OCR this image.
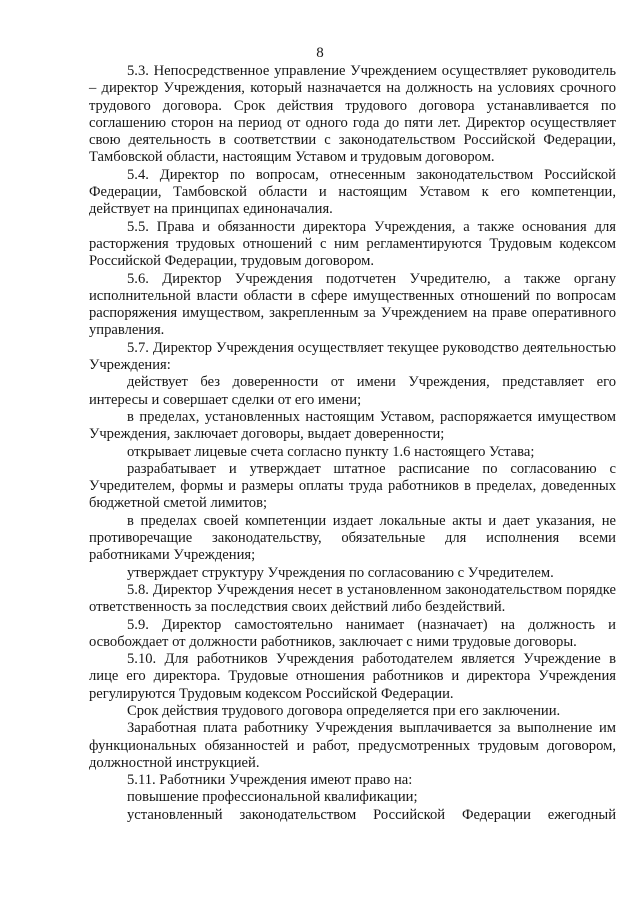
8

5.3. Непосредственное управление Учреждением осуществляет руководитель – директор Учреждения, который назначается на должность на условиях срочного трудового договора. Срок действия трудового договора устанавливается по соглашению сторон на период от одного года до пяти лет. Директор осуществляет свою деятельность в соответствии с законодательством Российской Федерации, Тамбовской области, настоящим Уставом и трудовым договором.

5.4. Директор по вопросам, отнесенным законодательством Российской Федерации, Тамбовской области и настоящим Уставом к его компетенции, действует на принципах единоначалия.

5.5. Права и обязанности директора Учреждения, а также основания для расторжения трудовых отношений с ним регламентируются Трудовым кодексом Российской Федерации, трудовым договором.

5.6. Директор Учреждения подотчетен Учредителю, а также органу исполнительной власти области в сфере имущественных отношений по вопросам распоряжения имуществом, закрепленным за Учреждением на праве оперативного управления.

5.7. Директор Учреждения осуществляет текущее руководство деятельностью Учреждения:

действует без доверенности от имени Учреждения, представляет его интересы и совершает сделки от его имени;

в пределах, установленных настоящим Уставом, распоряжается имуществом Учреждения, заключает договоры, выдает доверенности;

открывает лицевые счета согласно пункту 1.6 настоящего Устава;

разрабатывает и утверждает штатное расписание по согласованию с Учредителем, формы и размеры оплаты труда работников в пределах, доведенных бюджетной сметой лимитов;

в пределах своей компетенции издает локальные акты и дает указания, не противоречащие законодательству, обязательные для исполнения всеми работниками Учреждения;

утверждает структуру Учреждения по согласованию с Учредителем.

5.8. Директор Учреждения несет в установленном законодательством порядке ответственность за последствия своих действий либо бездействий.

5.9. Директор самостоятельно нанимает (назначает) на должность и освобождает от должности работников, заключает с ними трудовые договоры.

5.10. Для работников Учреждения работодателем является Учреждение в лице его директора. Трудовые отношения работников и директора Учреждения регулируются Трудовым кодексом Российской Федерации.

Срок действия трудового договора определяется при его заключении.

Заработная плата работнику Учреждения выплачивается за выполнение им функциональных обязанностей и работ, предусмотренных трудовым договором, должностной инструкцией.

5.11. Работники Учреждения имеют право на:

повышение профессиональной квалификации;

установленный законодательством Российской Федерации ежегодный
